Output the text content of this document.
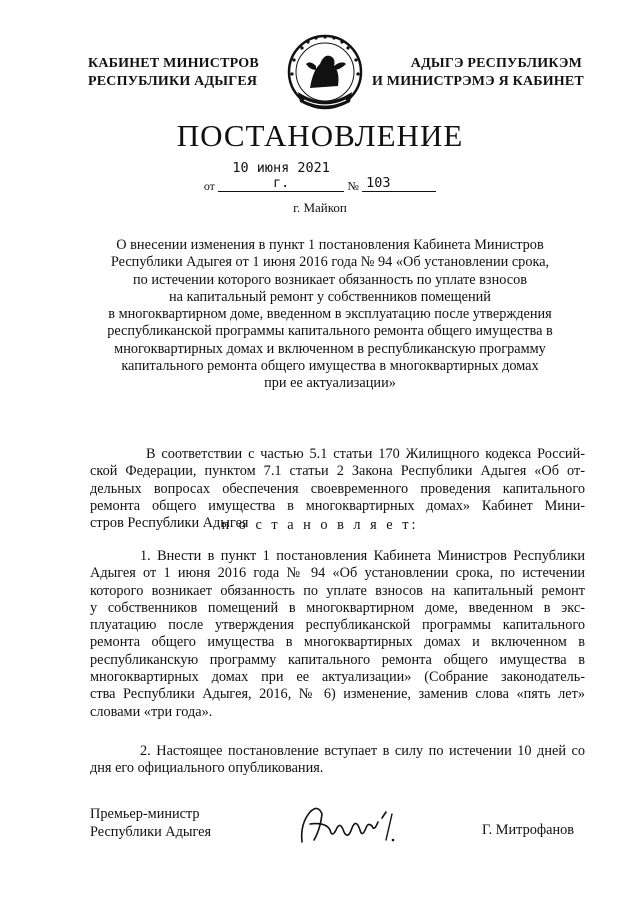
КАБИНЕТ МИНИСТРОВ
РЕСПУБЛИКИ АДЫГЕЯ
АДЫГЭ РЕСПУБЛИКЭМ
И МИНИСТРЭМЭ Я КАБИНЕТ
ПОСТАНОВЛЕНИЕ
от 10 июня 2021 г.	№ 103
г. Майкоп
О внесении изменения в пункт 1 постановления Кабинета Министров
Республики Адыгея от 1 июня 2016 года № 94 «Об установлении срока,
по истечении которого возникает обязанность по уплате взносов
на капитальный ремонт у собственников помещений
в многоквартирном доме, введенном в эксплуатацию после утверждения
республиканской программы капитального ремонта общего имущества в
многоквартирных домах и включенном в республиканскую программу
капитального ремонта общего имущества в многоквартирных домах
при ее актуализации»
В соответствии с частью 5.1 статьи 170 Жилищного кодекса Россий-
ской Федерации, пунктом 7.1 статьи 2 Закона Республики Адыгея «Об от-
дельных вопросах обеспечения своевременного проведения капитального
ремонта общего имущества в многоквартирных домах» Кабинет Мини-
стров Республики Адыгея
п о с т а н о в л я е т:
1. Внести в пункт 1 постановления Кабинета Министров Республики
Адыгея от 1 июня 2016 года № 94 «Об установлении срока, по истечении
которого возникает обязанность по уплате взносов на капитальный ремонт
у собственников помещений в многоквартирном доме, введенном в экс-
плуатацию после утверждения республиканской программы капитального
ремонта общего имущества в многоквартирных домах и включенном в
республиканскую программу капитального ремонта общего имущества в
многоквартирных домах при ее актуализации» (Собрание законодатель-
ства Республики Адыгея, 2016, № 6) изменение, заменив слова «пять лет»
словами «три года».
2. Настоящее постановление вступает в силу по истечении 10 дней со
дня его официального опубликования.
Премьер-министр
Республики Адыгея	Г. Митрофанов
